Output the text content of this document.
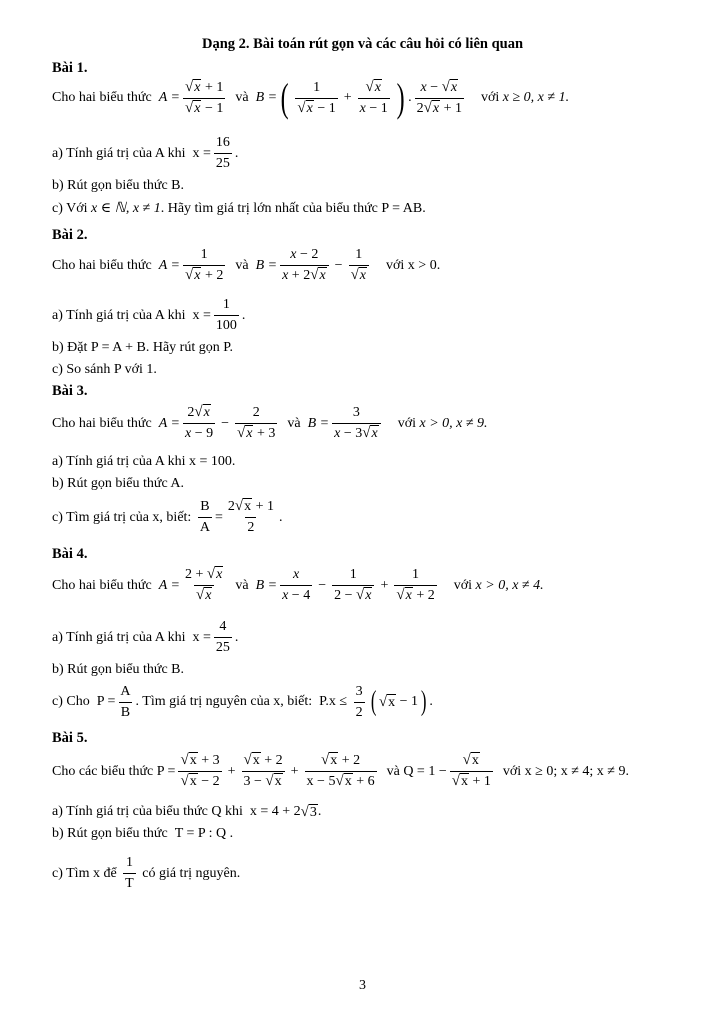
Dạng 2. Bài toán rút gọn và các câu hỏi có liên quan
Bài 1.
Cho hai biểu thức
$A = \frac{√ x + 1}{√ x - 1}$
và
B = ( $\frac{1}{√ x - 1} + \frac{√ x}{x - 1}$ ) . $\frac{x - √ x}{2 √ x + 1}$
với
x ≥ 0, x ≠ 1.
a) Tính giá trị của A khi $x = \frac{16}{25}$ .
b) Rút gọn biểu thức B.
c) Với
x ∈ ℕ, x ≠ 1 . Hãy tìm giá trị lớn nhất của biểu thức P = AB.
Bài 2.
Cho hai biểu thức
$A = \frac{1}{√ x + 2}$
và
$B = \frac{x - 2}{x + 2 √ x} - \frac{1}{√ x}$
với x > 0.
a) Tính giá trị của A khi $x = \frac{1}{100}$ .
b) Đặt P = A + B. Hãy rút gọn P.
c) So sánh P với 1.
Bài 3.
Cho hai biểu thức
$A = \frac{2 √ x}{x - 9} - \frac{2}{√ x + 3}$
và
$B = \frac{3}{x - 3 √ x}$
với
x > 0, x ≠ 9.
a) Tính giá trị của A khi x = 100.
b) Rút gọn biểu thức A.
c) Tìm giá trị của x, biết:
$\frac{B}{A} = \frac{2 √ x + 1}{2}$ .
Bài 4.
Cho hai biểu thức
$A = \frac{2 + √ x}{√ x}$
và
$B = \frac{x}{x - 4} - \frac{1}{2 - √ x} + \frac{1}{√ x + 2}$
với
x > 0, x ≠ 4.
a) Tính giá trị của A khi $x = \frac{4}{25}$ .
b) Rút gọn biểu thức B.
c) Cho $P = \frac{A}{B}$ . Tìm giá trị nguyên của x, biết: $P.x \le \frac{3}{2}$ ( √ x − 1 ) .
Bài 5.
Cho các biểu thức $P = \frac{√ x + 3}{√ x - 2} + \frac{√ x + 2}{3 - √ x} + \frac{√ x + 2}{x - 5 √ x + 6}$
và $Q = 1 - \frac{√ x}{√ x + 1}$
với x ≥ 0; x ≠ 4; x ≠ 9.
a) Tính giá trị của biểu thức Q khi x = 4 + 2 √ 3 .
b) Rút gọn biểu thức
T = P : Q .
c) Tìm x để
$\frac{1}{T}$
có giá trị nguyên.
3
